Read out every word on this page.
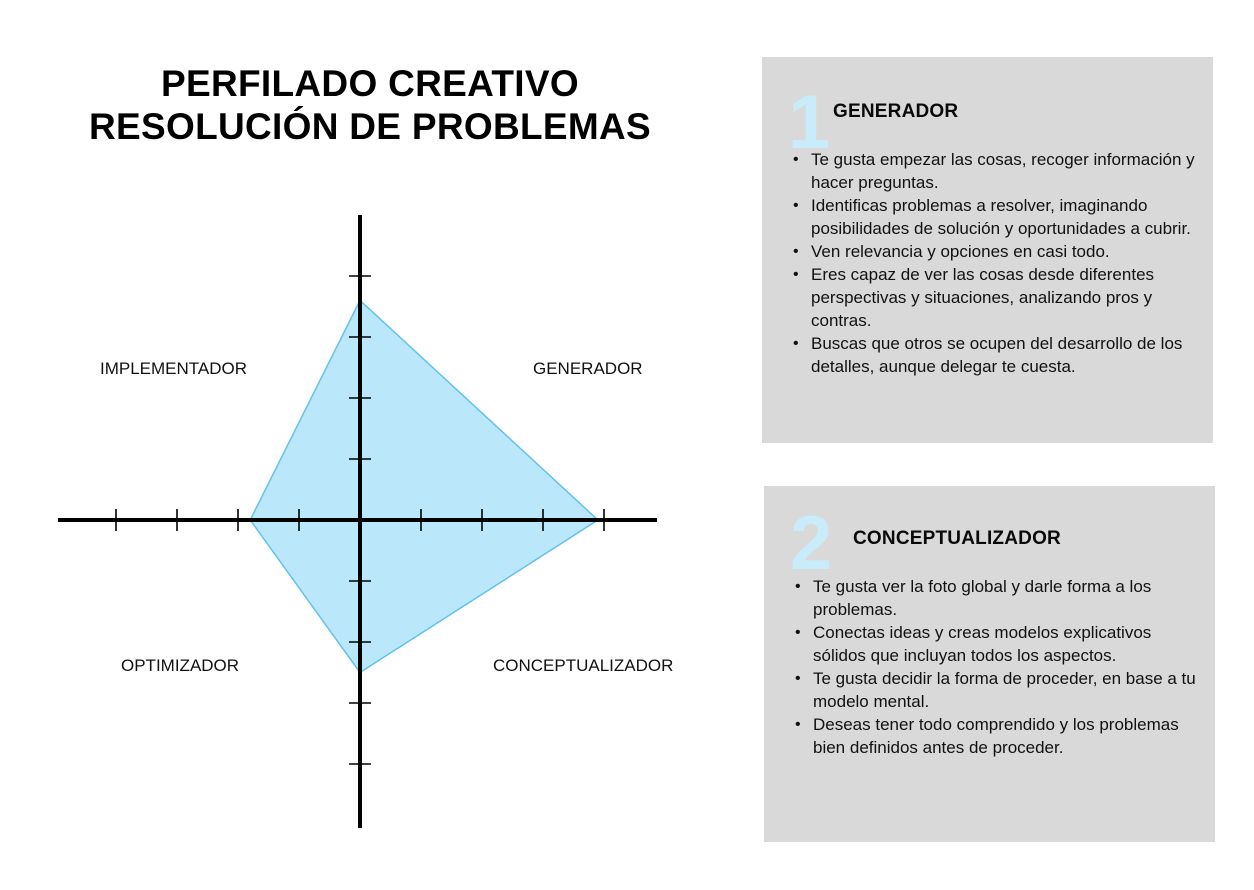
PERFILADO CREATIVO
RESOLUCIÓN DE PROBLEMAS
IMPLEMENTADOR	GENERADOR
OPTIMIZADOR	CONCEPTUALIZADOR
1 GENERADOR
• Te gusta empezar las cosas, recoger información y hacer preguntas.
• Identificas problemas a resolver, imaginando posibilidades de solución y oportunidades a cubrir.
• Ven relevancia y opciones en casi todo.
• Eres capaz de ver las cosas desde diferentes perspectivas y situaciones, analizando pros y contras.
• Buscas que otros se ocupen del desarrollo de los detalles, aunque delegar te cuesta.
2 CONCEPTUALIZADOR
• Te gusta ver la foto global y darle forma a los problemas.
• Conectas ideas y creas modelos explicativos sólidos que incluyan todos los aspectos.
• Te gusta decidir la forma de proceder, en base a tu modelo mental.
• Deseas tener todo comprendido y los problemas bien definidos antes de proceder.
